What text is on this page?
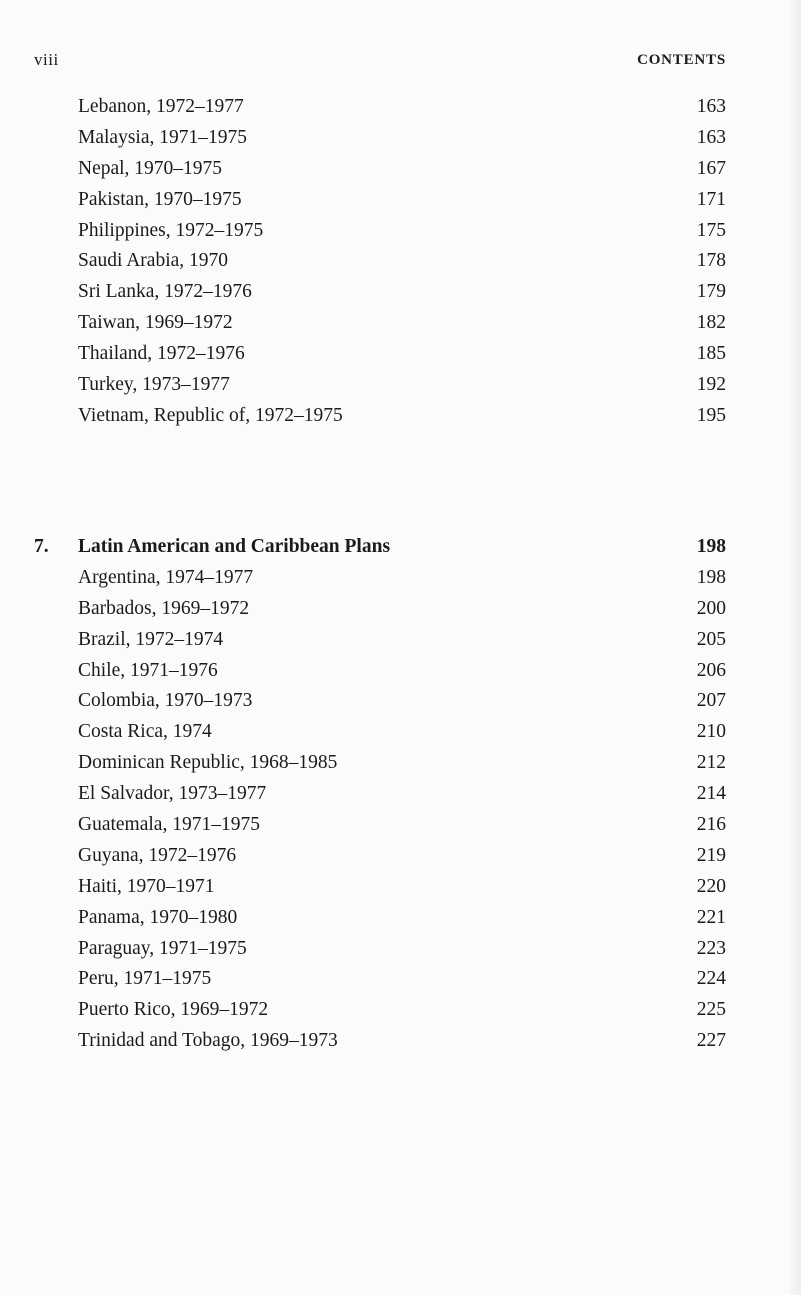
viii	CONTENTS
Lebanon, 1972–1977	163
Malaysia, 1971–1975	163
Nepal, 1970–1975	167
Pakistan, 1970–1975	171
Philippines, 1972–1975	175
Saudi Arabia, 1970	178
Sri Lanka, 1972–1976	179
Taiwan, 1969–1972	182
Thailand, 1972–1976	185
Turkey, 1973–1977	192
Vietnam, Republic of, 1972–1975	195
7. Latin American and Caribbean Plans	198
Argentina, 1974–1977	198
Barbados, 1969–1972	200
Brazil, 1972–1974	205
Chile, 1971–1976	206
Colombia, 1970–1973	207
Costa Rica, 1974	210
Dominican Republic, 1968–1985	212
El Salvador, 1973–1977	214
Guatemala, 1971–1975	216
Guyana, 1972–1976	219
Haiti, 1970–1971	220
Panama, 1970–1980	221
Paraguay, 1971–1975	223
Peru, 1971–1975	224
Puerto Rico, 1969–1972	225
Trinidad and Tobago, 1969–1973	227
